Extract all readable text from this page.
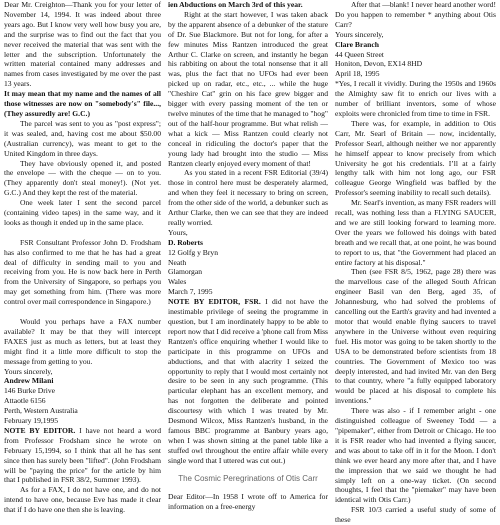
Dear Mr. Creighton—Thank you for your letter of November 14, 1994. It was indeed about three years ago. But I know very well how busy you are, and the surprise was to find out the fact that you never received the material that was sent with the letter and the subscription. Unfortunately the written material contained many addresses and names from cases investigated by me over the past 13 years.

It may mean that my name and the names of all those witnesses are now on "somebody's" file..., (They assuredly are! G.C.)

The parcel was sent to you as "post express"; it was sealed, and, having cost me about $50.00 (Australian currency), was meant to get to the United Kingdom in three days.

They have obviously opened it, and posted the envelope — with the cheque — on to you. (They apparently don't steal money!). (Not yet. G.C.) And they kept the rest of the material.

One week later I sent the second parcel (containing video tapes) in the same way, and it looks as though it ended up in the same place.

FSR Consultant Professor John D. Frodsham has also confirmed to me that he has had a great deal of difficulty in sending mail to you and receiving from you. He is now back here in Perth from the University of Singapore, so perhaps you may get something from him. (There was more control over mail correspondence in Singapore.)

Would you perhaps have a FAX number available? It may be that they will intercept FAXES just as much as letters, but at least they might find it a little more difficult to stop the message from getting to you.

Yours sincerely,

Andrew Milani

146 Burke Drive

Attaotle 6156

Perth, Western Australia

February 19,1995

NOTE BY EDITOR. I have not heard a word from Professor Frodsham since he wrote on February 15,1994, so I think that all he has sent since then has surely been "lifted". (John Frodsham will be "paying the price" for the article by him that I published in FSR 38/2, Summer 1993).

As for a FAX, I do not have one, and do not intend to have one, because Eve has made it clear that if I do have one then she is leaving.

ien Abductions on March 3rd of this year.

Right at the start however, I was taken aback by the apparent absence of a debunker of the stature of Dr. Sue Blackmore. But not for long, for after a few minutes Miss Rantzen introduced the great Arthur C. Clarke on screen, and instantly he began his rabbiting on about the total nonsense that it all was, plus the fact that no UFOs had ever been picked up on radar, etc., etc., ... while the huge "Cheshire Cat" grin on his face grew bigger and bigger with every passing moment of the ten or twelve minutes of the time that he managed to "hog" out of the half-hour programme. But what relish — what a kick — Miss Rantzen could clearly not conceal in ridiculing the doctor's paper that the young lady had brought into the studio — Miss Rantzen clearly enjoyed every moment of that!

As you stated in a recent FSR Editorial (39/4) those in control here must be desperately alarmed, and when they feel it necessary to bring on screen, from the other side of the world, a debunker such as Arthur Clarke, then we can see that they are indeed really worried.

Yours,

D. Roberts

12 Golfg y Bryn

Neath

Glamorgan

Wales

March 7, 1995

NOTE BY EDITOR, FSR. I did not have the inestimable privilege of seeing the programme in question, but I am inordinately happy to be able to report now that I did receive a 'phone call from Miss Rantzen's office enquiring whether I would like to participate in this programme on UFOs and abductions, and that with alacrity I seized the opportunity to reply that I would most certainly not desire to be seen in any such programme. (This particular elephant has an excellent memory, and has not forgotten the deliberate and pointed discourtesy with which I was treated by Mr. Desmond Wilcox, Miss Rantzen's husband, in the famous BBC programme at Banbury years ago, when I was shown sitting at the panel table like a stuffed owl throughout the entire affair while every single word that I uttered was cut out.)

The Cosmic Peregrinations of Otis Carr

Dear Editor—In 1958 I wrote off to America for information on a free-energy

After that —blank! I never heard another word! Do you happen to remember * anything about Otis Carr?

Yours sincerely,

Clare Branch

44 Queen Street

Honiton, Devon, EX14 8HD

April 18, 1995

*Yes, I recall it vividly. During the 1950s and 1960s the Almighty saw fit to enrich our lives with a number of brilliant inventors, some of whose exploits were chronicled from time to time in FSR.

There was, for example, in addition to Otis Carr, Mr. Searl of Britain — now, incidentally, Professor Searl, although neither we nor apparently he himself appear to know precisely from which University he got his credentials. I’ll at a fairly lengthy talk with him not long ago, our FSR colleague George Wingfield was baffled by the Professor's seeming inability to recall such details).

Mr. Searl's invention, as many FSR readers will recall, was nothing less than a FLYING SAUCER, and we are still looking forward to learning more. Over the years we followed his doings with bated breath and we recall that, at one point, he was bound to report to us, that "the Government had placed an entire factory at his disposal."

Then (see FSR 8/5, 1962, page 28) there was the marvellous case of the alleged South African engineer Basil van den Berg, aged 35, of Johannesburg, who had solved the problems of cancelling out the Earth's gravity and had invented a motor that would enable flying saucers to travel anywhere in the Universe without even requiring fuel. His motor was going to be taken shortly to the USA to be demonstrated before scientists from 18 countries. The Government of Mexico too was deeply interested, and had invited Mr. van den Berg to that country, where "a fully equipped laboratory would be placed at his disposal to complete his inventions."

There was also - if I remember aright - one distinguished colleague of Sweeney Todd — a "pipemaker", either from Detroit or Chicago. He too it is FSR reader who had invented a flying saucer, and was about to take off in it for the Moon. I don't think we ever heard any more after that, and I have the impression that we said we thought he had simply left on a one-way ticket. (On second thoughts, I feel that the "piemaker" may have been identical with Otis Carr.)

FSR 10/3 carried a useful study of some of these
